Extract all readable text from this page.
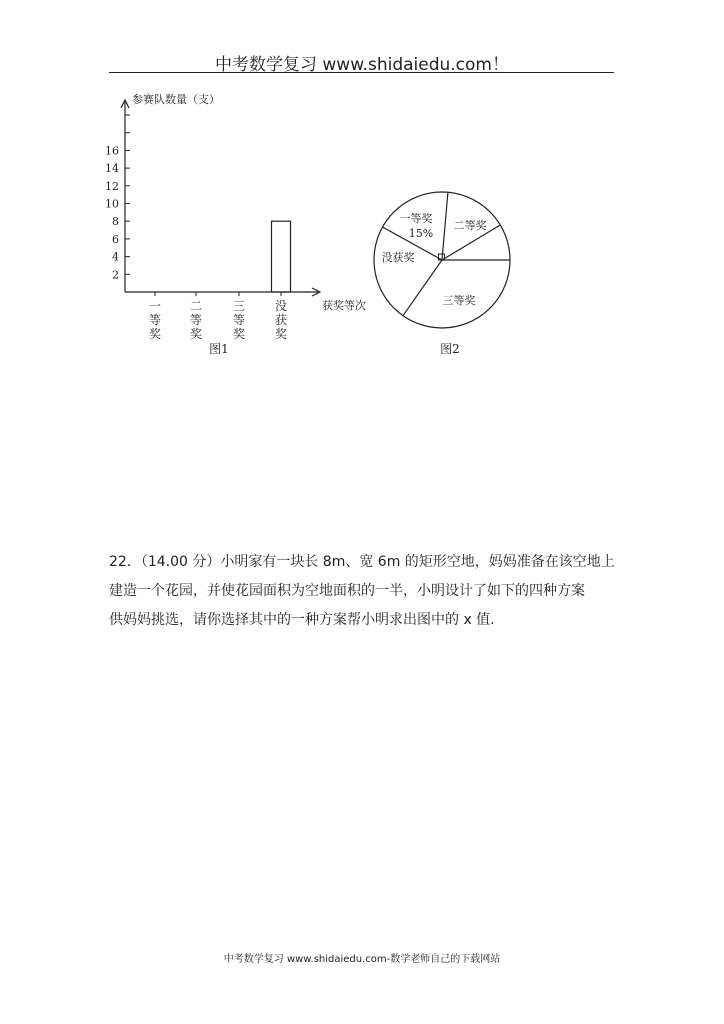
中考数学复习 www.shidaiedu.com！
参赛队数量（支）
获奖等次
2
4
6
8
10
12
14
16
一等奖
二等奖
三等奖
没获奖
图1
一等奖
15%
二等奖
三等奖
没获奖
图2
22．（14.00 分）小明家有一块长 8m、宽 6m 的矩形空地，妈妈准备在该空地上
建造一个花园，并使花园面积为空地面积的一半，小明设计了如下的四种方案
供妈妈挑选，请你选择其中的一种方案帮小明求出图中的 x 值.
中考数学复习 www.shidaiedu.com-数学老师自己的下载网站
